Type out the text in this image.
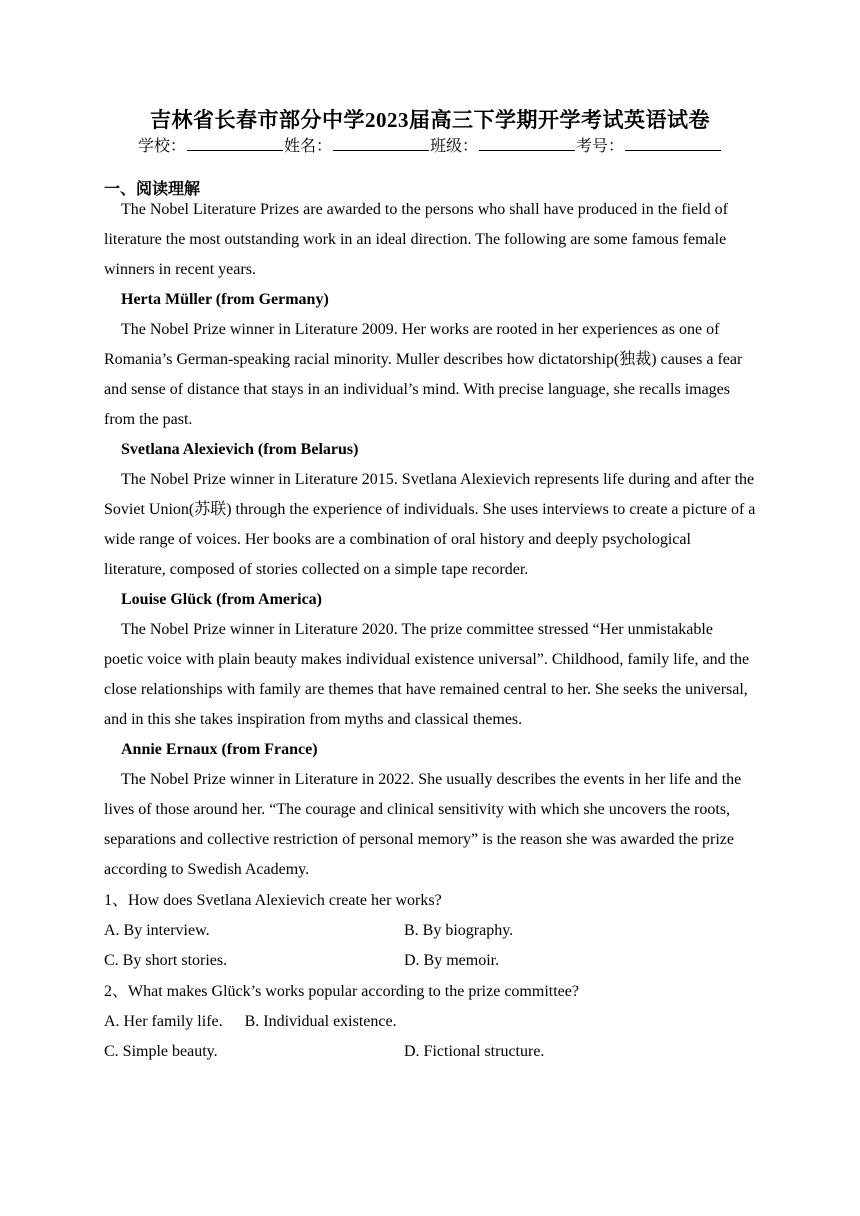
吉林省长春市部分中学2023届高三下学期开学考试英语试卷
学校：	姓名：	班级：	考号：
一、阅读理解

The Nobel Literature Prizes are awarded to the persons who shall have produced in the field of literature the most outstanding work in an ideal direction. The following are some famous female winners in recent years.

Herta Müller (from Germany)

The Nobel Prize winner in Literature 2009. Her works are rooted in her experiences as one of Romania’s German-speaking racial minority. Muller describes how dictatorship(独裁) causes a fear and sense of distance that stays in an individual’s mind. With precise language, she recalls images from the past.

Svetlana Alexievich (from Belarus)

The Nobel Prize winner in Literature 2015. Svetlana Alexievich represents life during and after the Soviet Union(苏联) through the experience of individuals. She uses interviews to create a picture of a wide range of voices. Her books are a combination of oral history and deeply psychological literature, composed of stories collected on a simple tape recorder.

Louise Glück (from America)

The Nobel Prize winner in Literature 2020. The prize committee stressed “Her unmistakable poetic voice with plain beauty makes individual existence universal”. Childhood, family life, and the close relationships with family are themes that have remained central to her. She seeks the universal, and in this she takes inspiration from myths and classical themes.

Annie Ernaux (from France)

The Nobel Prize winner in Literature in 2022. She usually describes the events in her life and the lives of those around her. “The courage and clinical sensitivity with which she uncovers the roots, separations and collective restriction of personal memory” is the reason she was awarded the prize according to Swedish Academy.

1、How does Svetlana Alexievich create her works?

A. By interview.	B. By biography.
C. By short stories.	D. By memoir.

2、What makes Glück’s works popular according to the prize committee?

A. Her family life. B. Individual existence.
C. Simple beauty.	D. Fictional structure.
